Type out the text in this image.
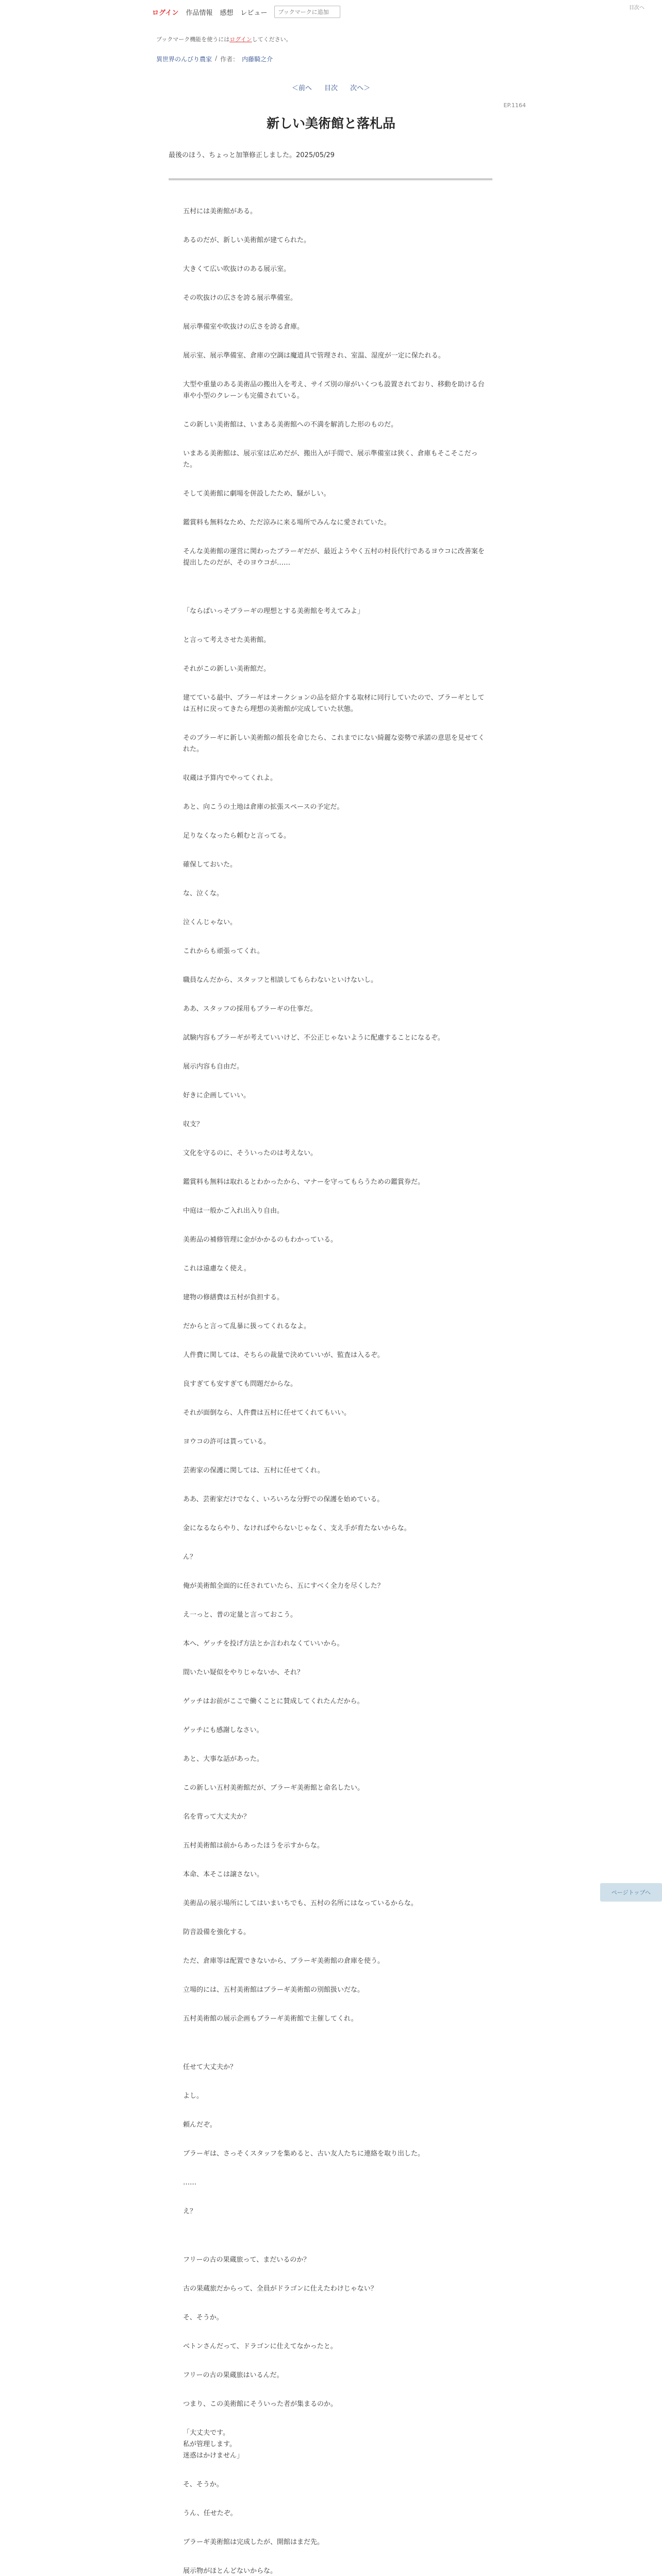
ログイン 作品情報 感想 レビュー
ブックマークに追加
目次へ
ブックマーク機能を使うにはログインしてください。
異世界のんびり農家 / 作者： 内藤騎之介
＜前へ 目次 次へ＞
EP.1164
新しい美術館と落札品
最後のほう、ちょっと加筆修正しました。2025/05/29

五村には美術館がある。

あるのだが、新しい美術館が建てられた。

大きくて広い吹抜けのある展示室。

その吹抜けの広さを誇る展示準備室。

展示準備室や吹抜けの広さを誇る倉庫。

展示室、展示準備室、倉庫の空調は魔道具で管理され、室温、湿度が一定に保たれる。

大型や重量のある美術品の搬出入を考え、サイズ別の扉がいくつも設置されており、移動を助ける台車や小型のクレーンも完備されている。

この新しい美術館は、いまある美術館への不満を解消した形のものだ。

いまある美術館は、展示室は広めだが、搬出入が手間で、展示準備室は狭く、倉庫もそこそこだった。

そして美術館に劇場を併設したため、騒がしい。

鑑賞料も無料なため、ただ涼みに来る場所でみんなに愛されていた。

そんな美術館の運営に関わったブラーギだが、最近ようやく五村の村長代行であるヨウコに改善案を提出したのだが、そのヨウコが……

「ならばいっそブラーギの理想とする美術館を考えてみよ」

と言って考えさせた美術館。

それがこの新しい美術館だ。

建てている最中、ブラーギはオークションの品を紹介する取材に同行していたので、ブラーギとしては五村に戻ってきたら理想の美術館が完成していた状態。

そのブラーギに新しい美術館の館長を命じたら、これまでにない綺麗な姿勢で承諾の意思を見せてくれた。

収蔵は予算内でやってくれよ。

あと、向こうの土地は倉庫の拡張スペースの予定だ。

足りなくなったら頼むと言ってる。

確保しておいた。

な、泣くな。

泣くんじゃない。

これからも頑張ってくれ。

職員なんだから、スタッフと相談してもらわないといけないし。

ああ、スタッフの採用もブラーギの仕事だ。

試験内容もブラーギが考えていいけど、不公正じゃないように配慮することになるぞ。

展示内容も自由だ。

好きに企画していい。

収支？

文化を守るのに、そういったのは考えない。

鑑賞料も無料は取れるとわかったから、マナーを守ってもらうための鑑賞券だ。

中庭は一般かご入れ出入り自由。

美術品の補修管理に金がかかるのもわかっている。

これは遠慮なく使え。

建物の修繕費は五村が負担する。

だからと言って乱暴に扱ってくれるなよ。

人件費に関しては、そちらの裁量で決めていいが、監査は入るぞ。

良すぎても安すぎても問題だからな。

それが面倒なら、人件費は五村に任せてくれてもいい。

ヨウコの許可は貰っている。

芸術家の保護に関しては、五村に任せてくれ。

ああ、芸術家だけでなく、いろいろな分野での保護を始めている。

金になるならやり、なければやらないじゃなく、支え手が育たないからな。

ん？

俺が美術館全面的に任されていたら、五にすべく全力を尽くした？

え一っと、普の定量と言っておこう。

本へ、ゲッチを投げ方法とか言われなくていいから。

間いたい疑似をやりじゃないか、それ？

ゲッチはお前がここで働くことに賛成してくれたんだから。

ゲッチにも感謝しなさい。

あと、大事な話があった。

この新しい五村美術館だが、ブラーギ美術館と命名したい。

名を背って大丈夫か？

五村美術館は前からあったほうを示すからな。

本命、本そこは譲さない。

美術品の展示場所にしてはいまいちでも、五村の名所にはなっているからな。

防音設備を強化する。

ただ、倉庫等は配置できないから、ブラーギ美術館の倉庫を使う。

立場的には、五村美術館はブラーギ美術館の別館扱いだな。

五村美術館の展示企画もブラーギ美術館で主催してくれ。

任せて大丈夫か？

よし。

頼んだぞ。

ブラーギは、さっそくスタッフを集めると、古い友人たちに連絡を取り出した。

……

え？

フリーの古の果蔵旅って、まだいるのか？

古の果蔵旅だからって、全員がドラゴンに仕えたわけじゃない？

そ、そうか。

ベトンさんだって、ドラゴンに仕えてなかったと。

フリーの古の果蔵旅はいるんだ。

つまり、この美術館にそういった者が集まるのか。

「大丈夫です。
私が管理します。
迷惑はかけません」

そ、そうか。

うん、任せたぞ。

ブラーギ美術館は完成したが、開館はまだ先。

展示物がほとんどないからな。

ページトップへ
